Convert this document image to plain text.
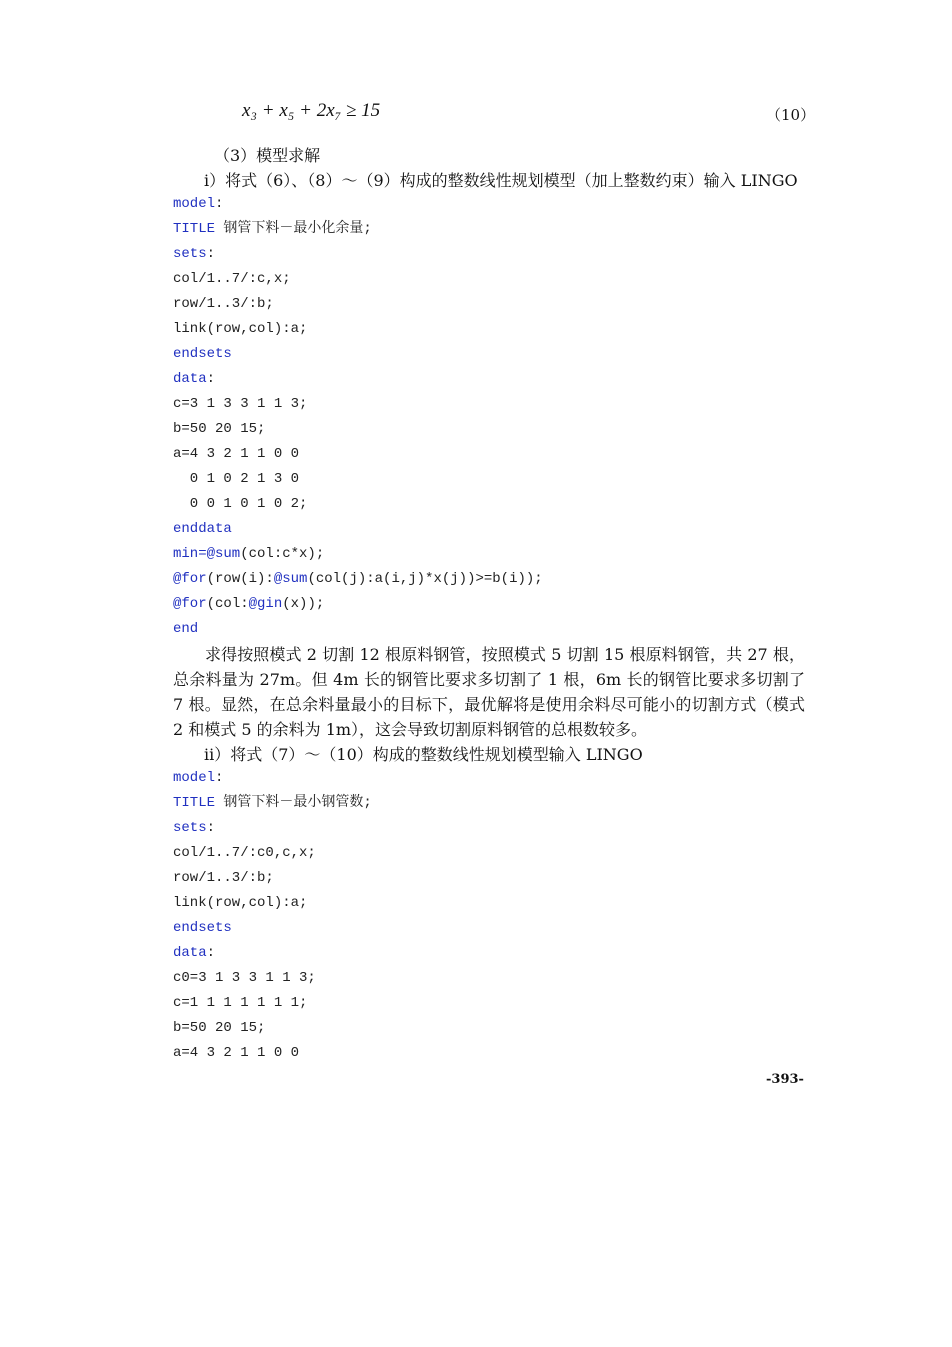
x₃ + x₅ + 2x₇ ≥ 15	（10）
（3）模型求解
i）将式（6）、（8）～（9）构成的整数线性规划模型（加上整数约束）输入 LINGO
model:
TITLE 钢管下料－最小化余量;
sets:
col/1..7/:c,x;
row/1..3/:b;
link(row,col):a;
endsets
data:
c=3 1 3 3 1 1 3;
b=50 20 15;
a=4 3 2 1 1 0 0
0 1 0 2 1 3 0
0 0 1 0 1 0 2;
enddata
min=@sum(col:c*x);
@for(row(i):@sum(col(j):a(i,j)*x(j))>=b(i));
@for(col:@gin(x));
end
求得按照模式 2 切割 12 根原料钢管，按照模式 5 切割 15 根原料钢管，共 27 根，总余料量为 27m。但 4m 长的钢管比要求多切割了 1 根，6m 长的钢管比要求多切割了 7 根。显然，在总余料量最小的目标下，最优解将是使用余料尽可能小的切割方式（模式 2 和模式 5 的余料为 1m），这会导致切割原料钢管的总根数较多。
ii）将式（7）～（10）构成的整数线性规划模型输入 LINGO
model:
TITLE 钢管下料－最小钢管数;
sets:
col/1..7/:c0,c,x;
row/1..3/:b;
link(row,col):a;
endsets
data:
c0=3 1 3 3 1 1 3;
c=1 1 1 1 1 1 1;
b=50 20 15;
a=4 3 2 1 1 0 0
-393-
